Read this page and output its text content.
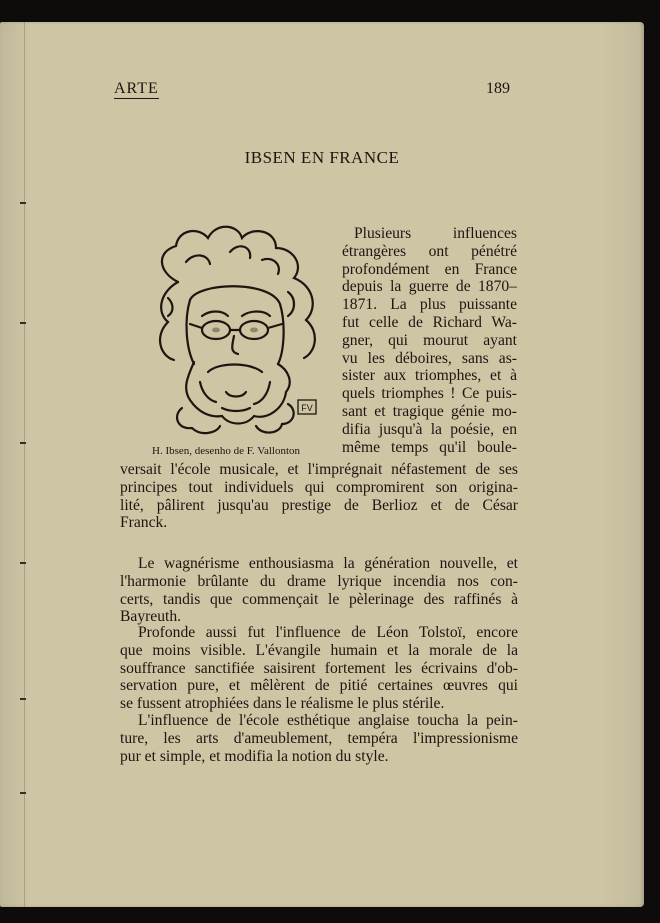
ARTE	189
IBSEN EN FRANCE
FV
H. Ibsen, desenho de F. Vallonton
Plusieurs influences
étrangères ont pénétré
profondément en France
depuis la guerre de 1870–
1871. La plus puissante
fut celle de Richard Wa-
gner, qui mourut ayant
vu les déboires, sans as-
sister aux triomphes, et à
quels triomphes ! Ce puis-
sant et tragique génie mo-
difia jusqu'à la poésie, en
même temps qu'il boule-
versait l'école musicale, et l'imprégnait néfastement de ses
principes tout individuels qui compromirent son origina-
lité, pâlirent jusqu'au prestige de Berlioz et de César
Franck.
Le wagnérisme enthousiasma la génération nouvelle, et
l'harmonie brûlante du drame lyrique incendia nos con-
certs, tandis que commençait le pèlerinage des raffinés à
Bayreuth.
Profonde aussi fut l'influence de Léon Tolstoï, encore
que moins visible. L'évangile humain et la morale de la
souffrance sanctifiée saisirent fortement les écrivains d'ob-
servation pure, et mêlèrent de pitié certaines œuvres qui
se fussent atrophiées dans le réalisme le plus stérile.
L'influence de l'école esthétique anglaise toucha la pein-
ture, les arts d'ameublement, tempéra l'impressionisme
pur et simple, et modifia la notion du style.
